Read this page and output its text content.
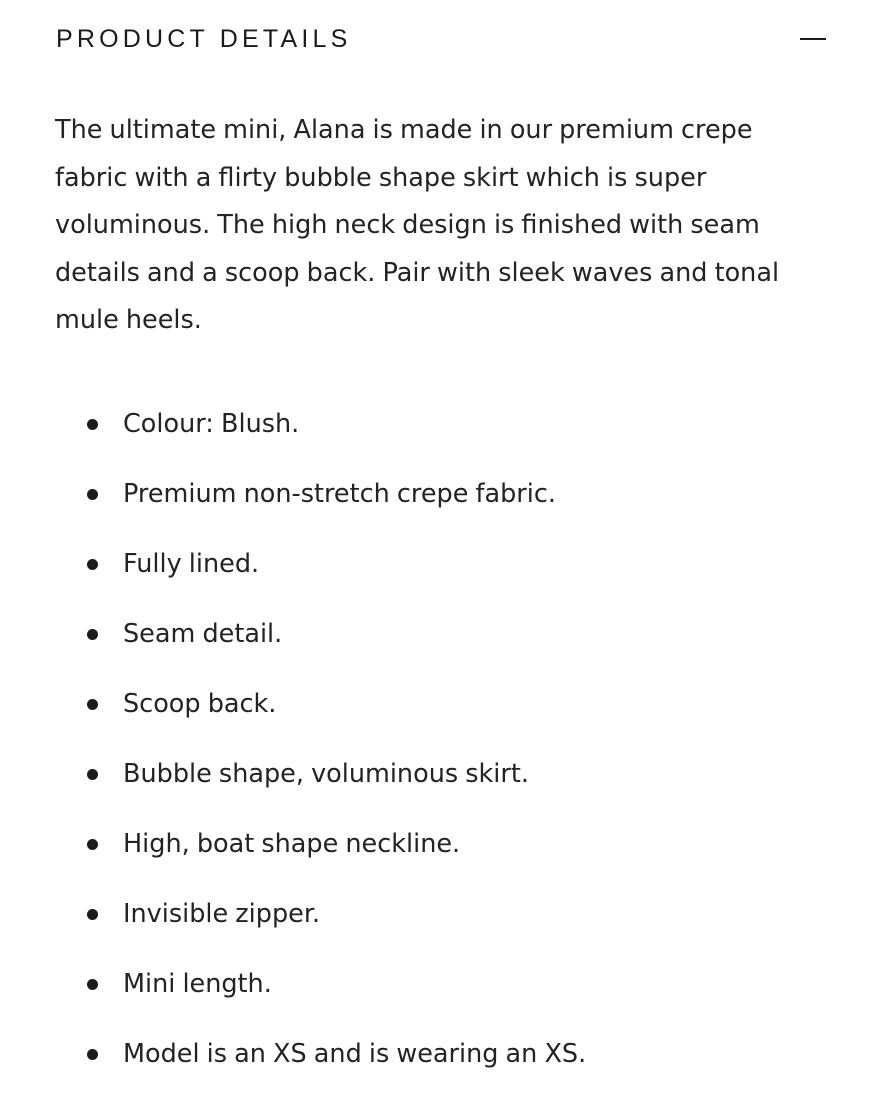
PRODUCT DETAILS

The ultimate mini, Alana is made in our premium crepe fabric with a flirty bubble shape skirt which is super voluminous. The high neck design is finished with seam details and a scoop back. Pair with sleek waves and tonal mule heels.

Colour: Blush.
Premium non-stretch crepe fabric.
Fully lined.
Seam detail.
Scoop back.
Bubble shape, voluminous skirt.
High, boat shape neckline.
Invisible zipper.
Mini length.
Model is an XS and is wearing an XS.
